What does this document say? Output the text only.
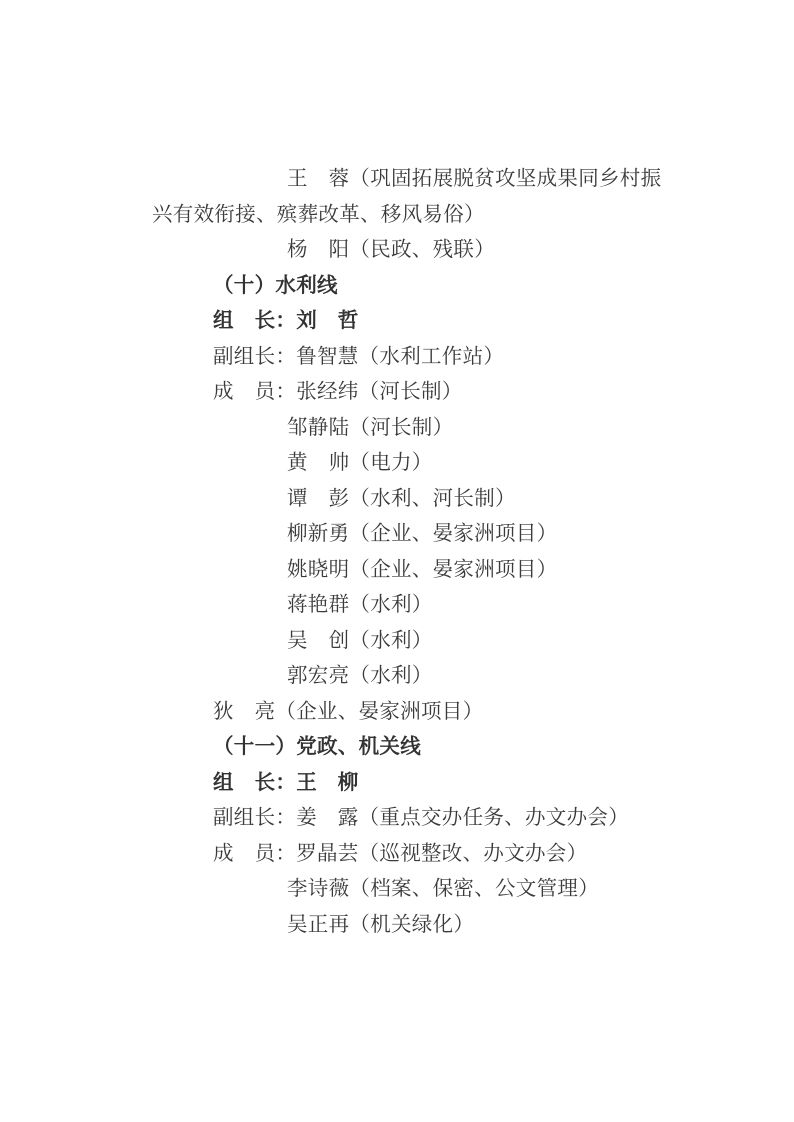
王　蓉（巩固拓展脱贫攻坚成果同乡村振
兴有效衔接、殡葬改革、移风易俗）
杨　阳（民政、残联）
（十）水利线
组　长：刘　哲
副组长：鲁智慧（水利工作站）
成　员：张经纬（河长制）
邹静陆（河长制）
黄　帅（电力）
谭　彭（水利、河长制）
柳新勇（企业、晏家洲项目）
姚晓明（企业、晏家洲项目）
蒋艳群（水利）
吴　创（水利）
郭宏亮（水利）
狄　亮（企业、晏家洲项目）
（十一）党政、机关线
组　长：王　柳
副组长：姜　露（重点交办任务、办文办会）
成　员：罗晶芸（巡视整改、办文办会）
李诗薇（档案、保密、公文管理）
吴正再（机关绿化）
